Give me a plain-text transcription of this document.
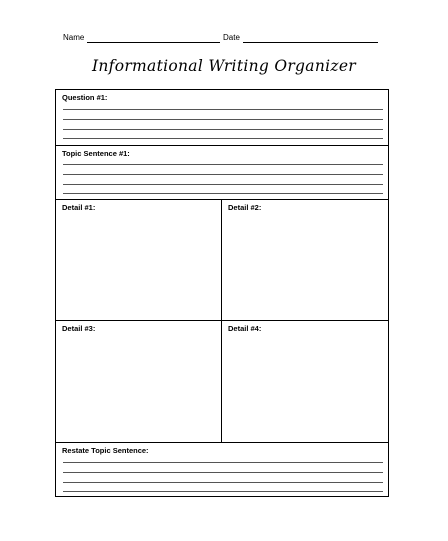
Name	Date
Informational Writing Organizer
Question #1:
Topic Sentence #1:
Detail #1:	Detail #2:
Detail #3:	Detail #4:
Restate Topic Sentence:
